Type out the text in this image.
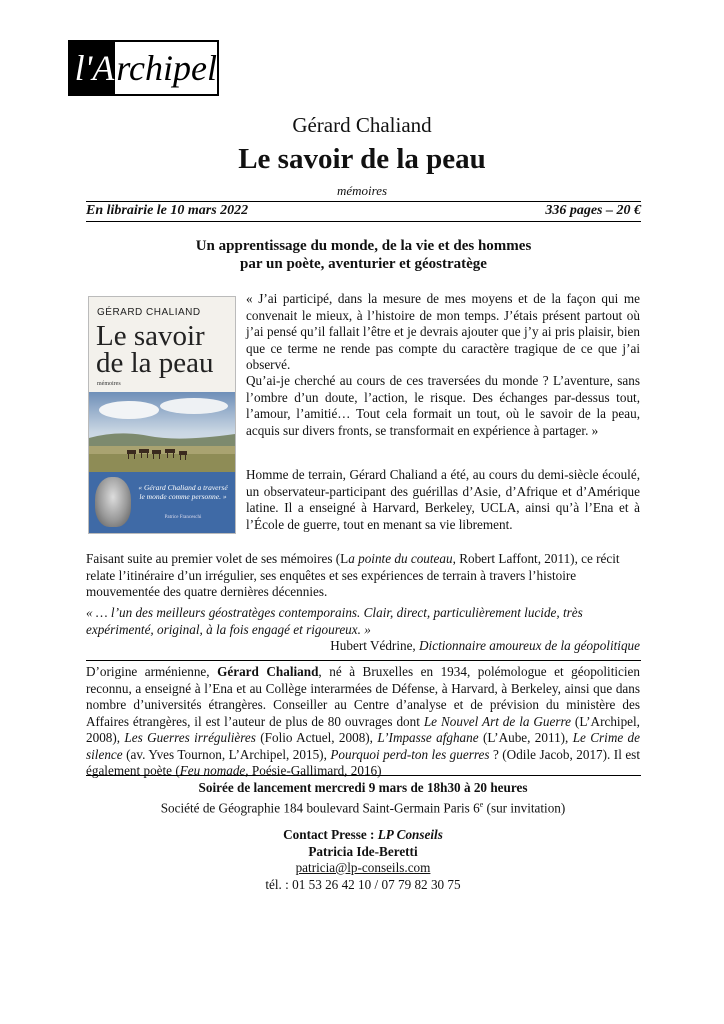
l'A rchipel
Gérard Chaliand
Le savoir de la peau
mémoires
En librairie le 10 mars 2022	336 pages – 20 €
Un apprentissage du monde, de la vie et des hommes
par un poète, aventurier et géostratège
GÉRARD CHALIAND
Le savoir
de la peau
mémoires
« Gérard Chaliand a traversé le monde comme personne. »
Patrice Franceschi
« J’ai participé, dans la mesure de mes moyens et de la façon qui me convenait le mieux, à l’histoire de mon temps. J’étais présent partout où j’ai pensé qu’il fallait l’être et je devrais ajouter que j’y ai pris plaisir, bien que ce terme ne rende pas compte du caractère tragique de ce que j’ai observé.
Qu’ai-je cherché au cours de ces traversées du monde ? L’aventure, sans l’ombre d’un doute, l’action, le risque. Des échanges par-dessus tout, l’amour, l’amitié… Tout cela formait un tout, où le savoir de la peau, acquis sur divers fronts, se transformait en expérience à partager. »
Homme de terrain, Gérard Chaliand a été, au cours du demi-siècle écoulé, un observateur-participant des guérillas d’Asie, d’Afrique et d’Amérique latine. Il a enseigné à Harvard, Berkeley, UCLA, ainsi qu’à l’Ena et à l’École de guerre, tout en menant sa vie librement.
Faisant suite au premier volet de ses mémoires (La pointe du couteau, Robert Laffont, 2011), ce récit relate l’itinéraire d’un irrégulier, ses enquêtes et ses expériences de terrain à travers l’histoire mouvementée des quatre dernières décennies.
« … l’un des meilleurs géostratèges contemporains. Clair, direct, particulièrement lucide, très expérimenté, original, à la fois engagé et rigoureux. »
Hubert Védrine, Dictionnaire amoureux de la géopolitique
D’origine arménienne, Gérard Chaliand, né à Bruxelles en 1934, polémologue et géopoliticien reconnu, a enseigné à l’Ena et au Collège interarmées de Défense, à Harvard, à Berkeley, ainsi que dans nombre d’universités étrangères. Conseiller au Centre d’analyse et de prévision du ministère des Affaires étrangères, il est l’auteur de plus de 80 ouvrages dont Le Nouvel Art de la Guerre (L’Archipel, 2008), Les Guerres irrégulières (Folio Actuel, 2008), L’Impasse afghane (L’Aube, 2011), Le Crime de silence (av. Yves Tournon, L’Archipel, 2015), Pourquoi perd-ton les guerres ? (Odile Jacob, 2017). Il est également poète (Feu nomade, Poésie-Gallimard, 2016)
Soirée de lancement mercredi 9 mars de 18h30 à 20 heures
Société de Géographie 184 boulevard Saint-Germain Paris 6e (sur invitation)
Contact Presse : LP Conseils
Patricia Ide-Beretti
patricia@lp-conseils.com
tél. : 01 53 26 42 10 / 07 79 82 30 75
